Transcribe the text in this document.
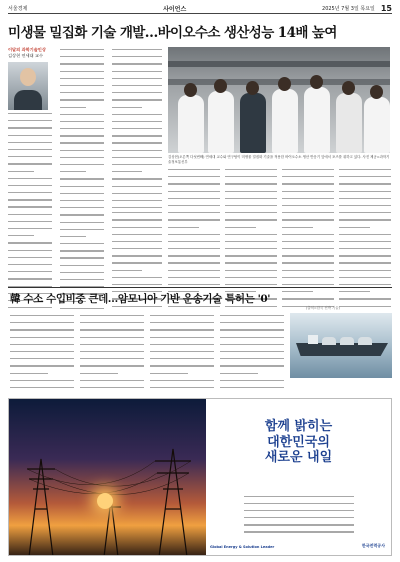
서울경제	사이언스	2025년 7월 3일 목요일 15
미생물 밀집화 기술 개발…바이오수소 생산성능 14배 높여
이달의 과학기술인상
김상현 연세대 교수
김상현(오른쪽 다섯번째) 연세대 교수와 연구팀이 미생물 밀집화 기술을 적용한 바이오수소 생산 반응기 앞에서 포즈를 취하고 있다. 사진 제공=과학기술정보통신부
韓 수소 수입비중 큰데…암모니아 기반 운송기술 특허는 '0'
(출처=한국 선박 기술)
함께 밝히는
대한민국의
새로운 내일
Global Energy & Solution Leader	한국전력공사
